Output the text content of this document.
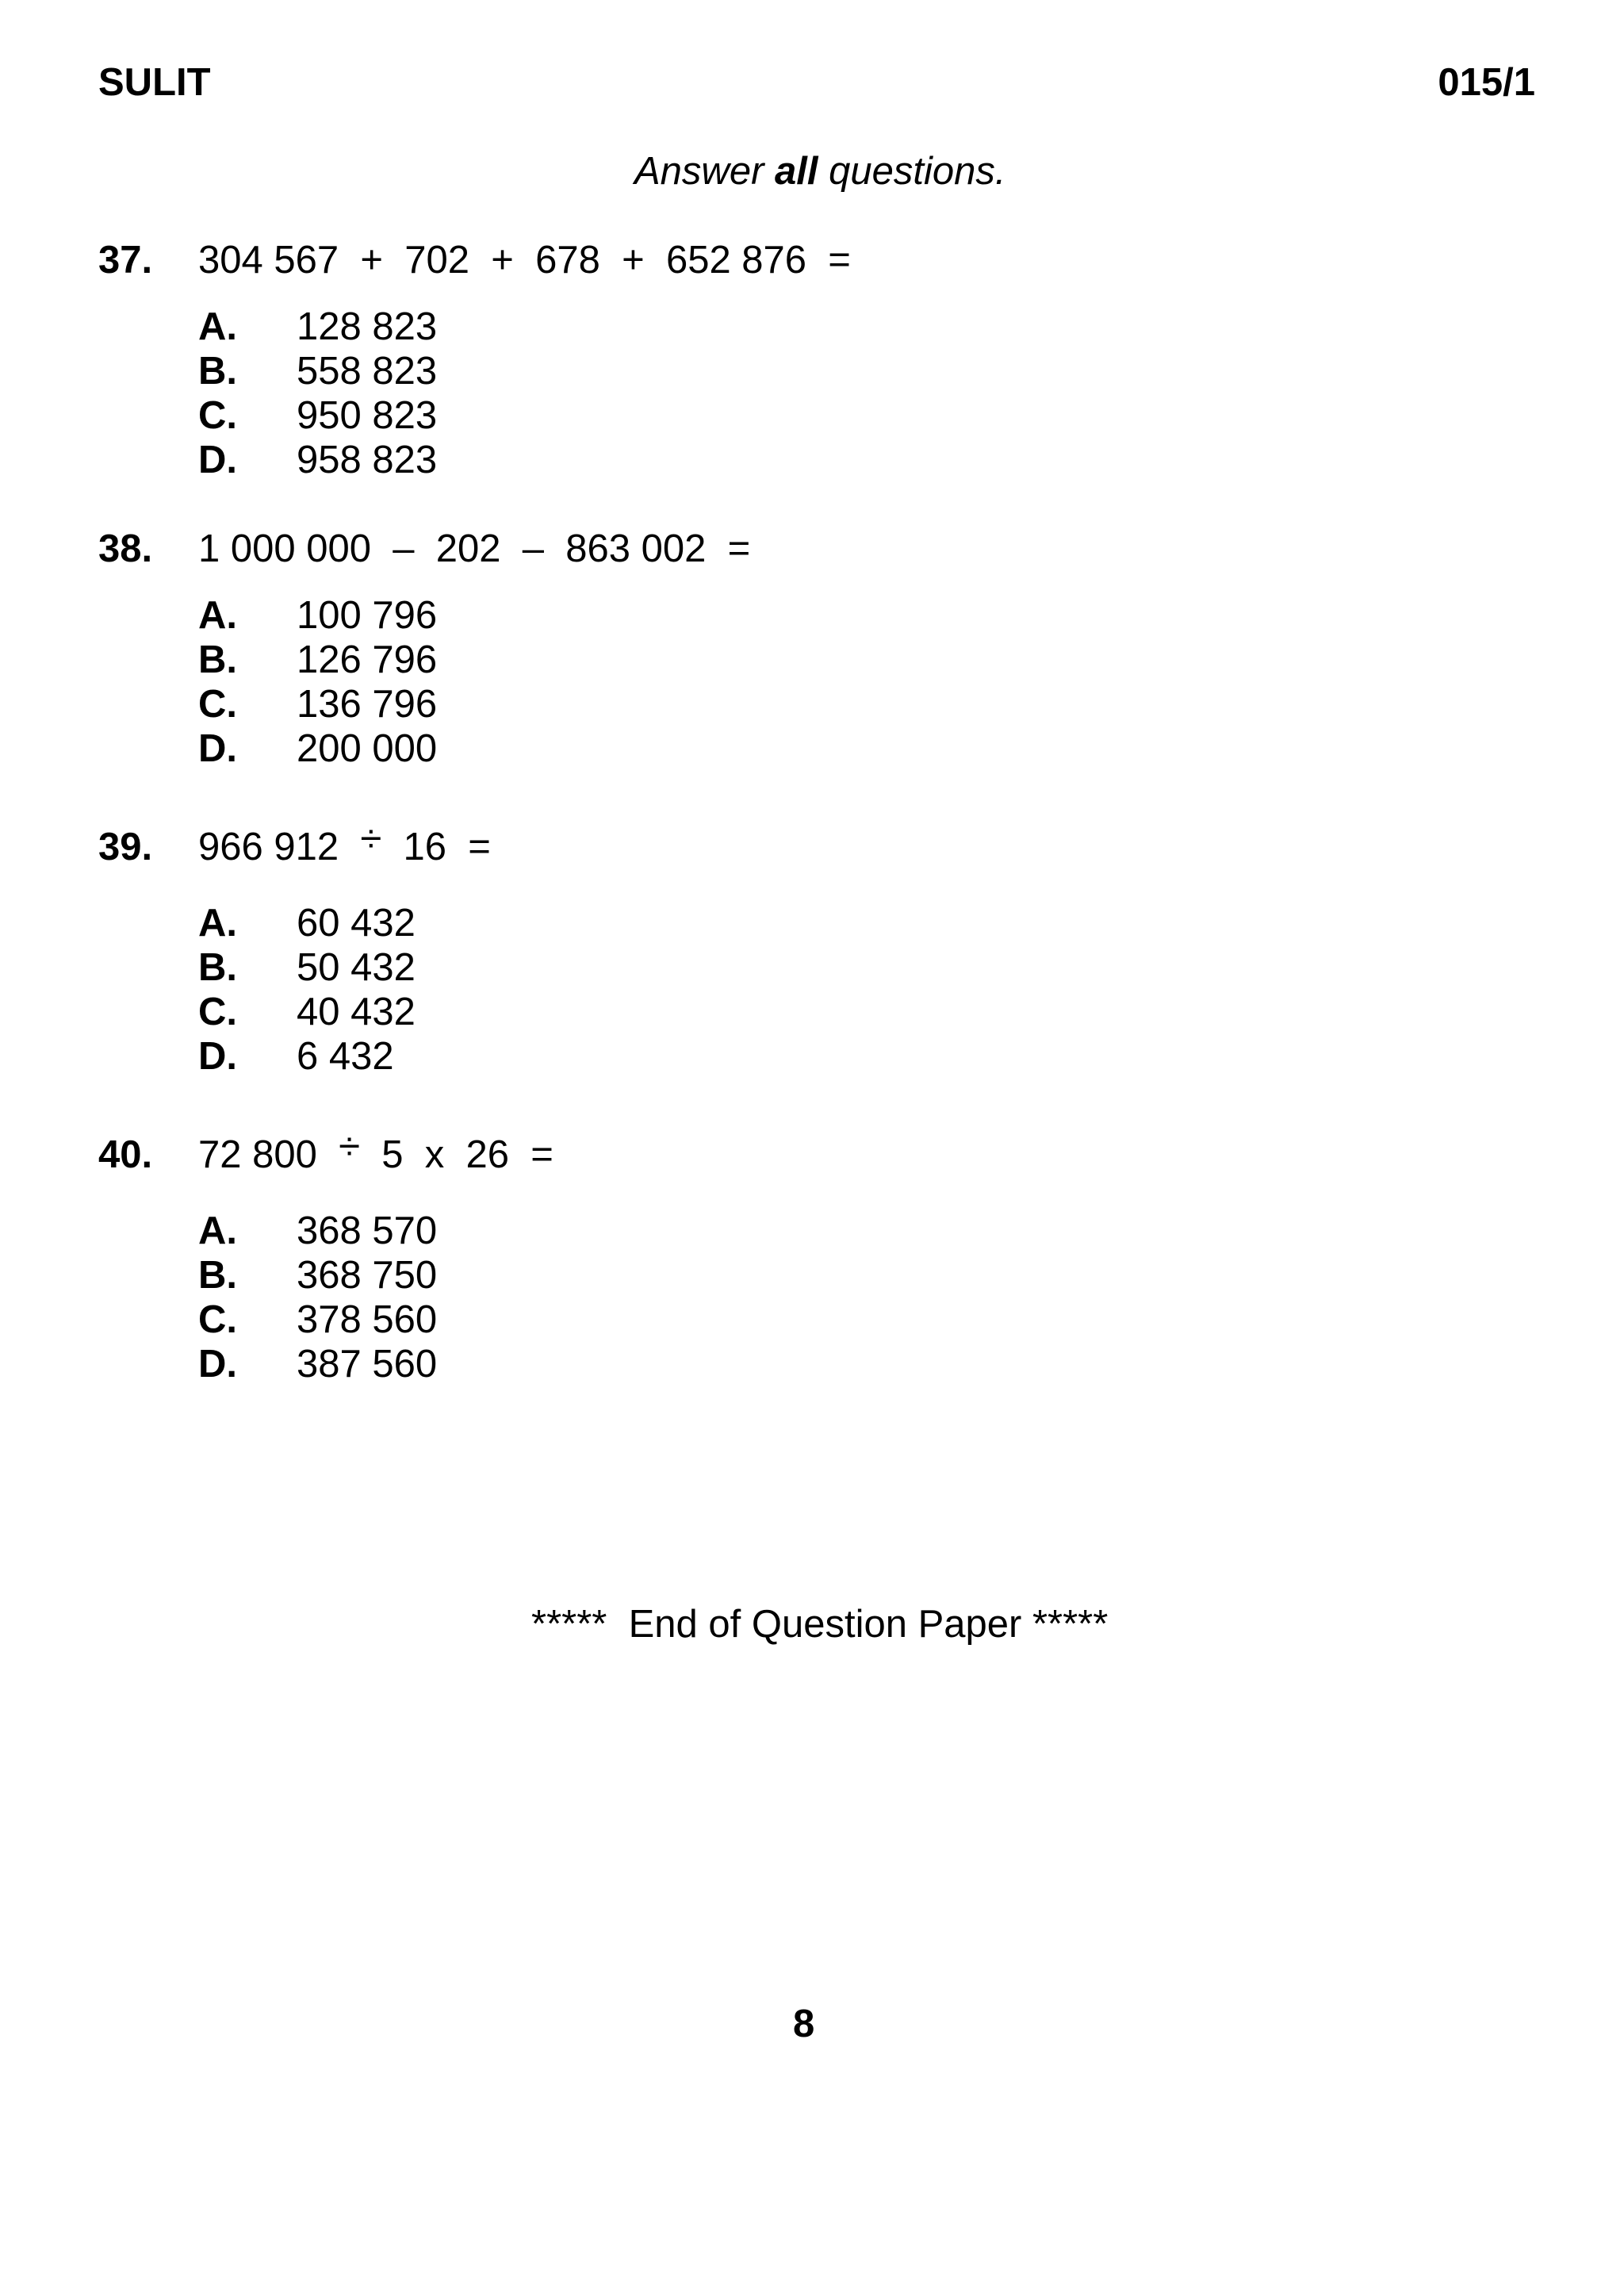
SULIT	015/1
Answer all questions.
37. 304 567 + 702 + 678 + 652 876 =
A. 128 823
B. 558 823
C. 950 823
D. 958 823
38. 1 000 000 – 202 – 863 002 =
A. 100 796
B. 126 796
C. 136 796
D. 200 000
39. 966 912 ÷ 16 =
A. 60 432
B. 50 432
C. 40 432
D. 6 432
40. 72 800 ÷ 5 x 26 =
A. 368 570
B. 368 750
C. 378 560
D. 387 560
*****  End of Question Paper *****
8
